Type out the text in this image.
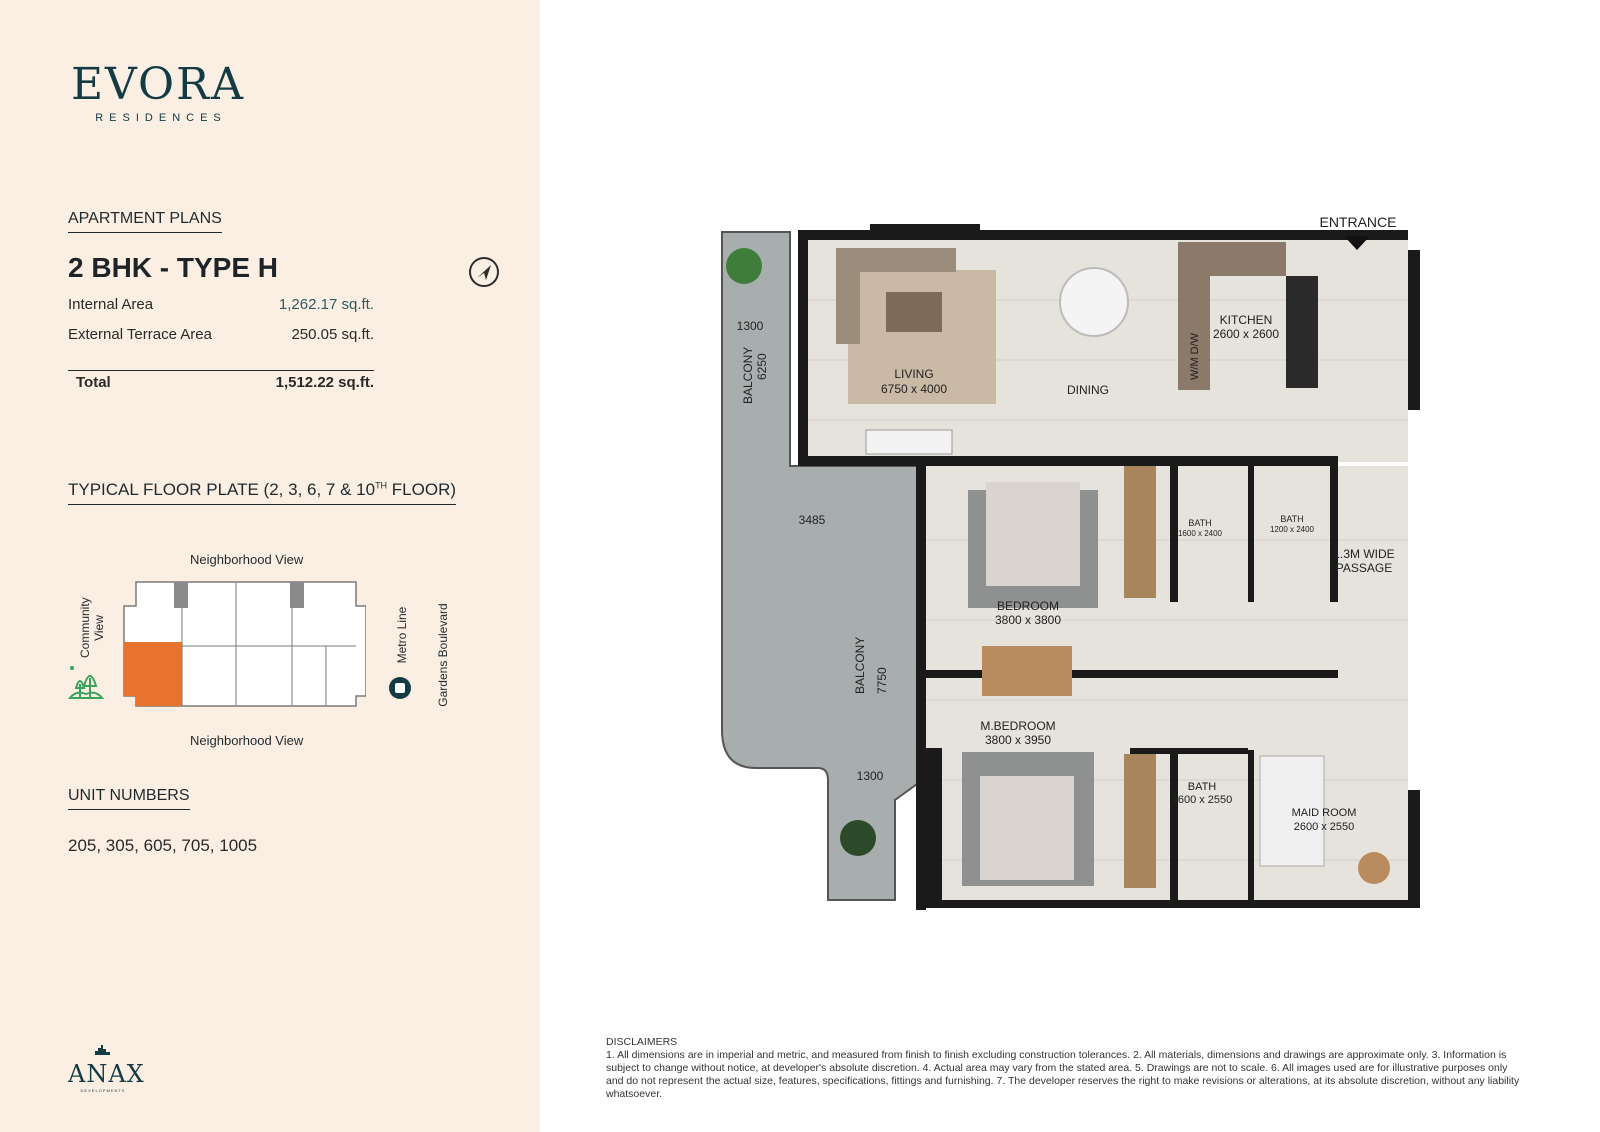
EVORA
RESIDENCES
APARTMENT PLANS
2 BHK - TYPE H
Internal Area	1,262.17 sq.ft.
External Terrace Area	250.05 sq.ft.
Total	1,512.22 sq.ft.
TYPICAL FLOOR PLATE (2, 3, 6, 7 & 10TH FLOOR)
Neighborhood View
Neighborhood View
Community View	Metro Line Gardens Boulevard
UNIT NUMBERS
205, 305, 605, 705, 1005
ANAX
DEVELOPMENTS
ENTRANCE
LIVING
6750 x 4000	DINING
KITCHEN
2600 x 2600
W/M D/W
BEDROOM
3800 x 3800
M.BEDROOM
3800 x 3950
BATH
1600 x 2400
BATH
1200 x 2400
BATH
1600 x 2550
MAID ROOM
2600 x 2550
1.3M WIDE
PASSAGE
BALCONY 6250
BALCONY 7750
1300
3485
1300
DISCLAIMERS
1. All dimensions are in imperial and metric, and measured from finish to finish excluding construction tolerances. 2. All materials, dimensions and drawings are approximate only. 3. Information is subject to change without notice, at developer's absolute discretion. 4. Actual area may vary from the stated area. 5. Drawings are not to scale. 6. All images used are for illustrative purposes only and do not represent the actual size, features, specifications, fittings and furnishing. 7. The developer reserves the right to make revisions or alterations, at its absolute discretion, without any liability whatsoever.
